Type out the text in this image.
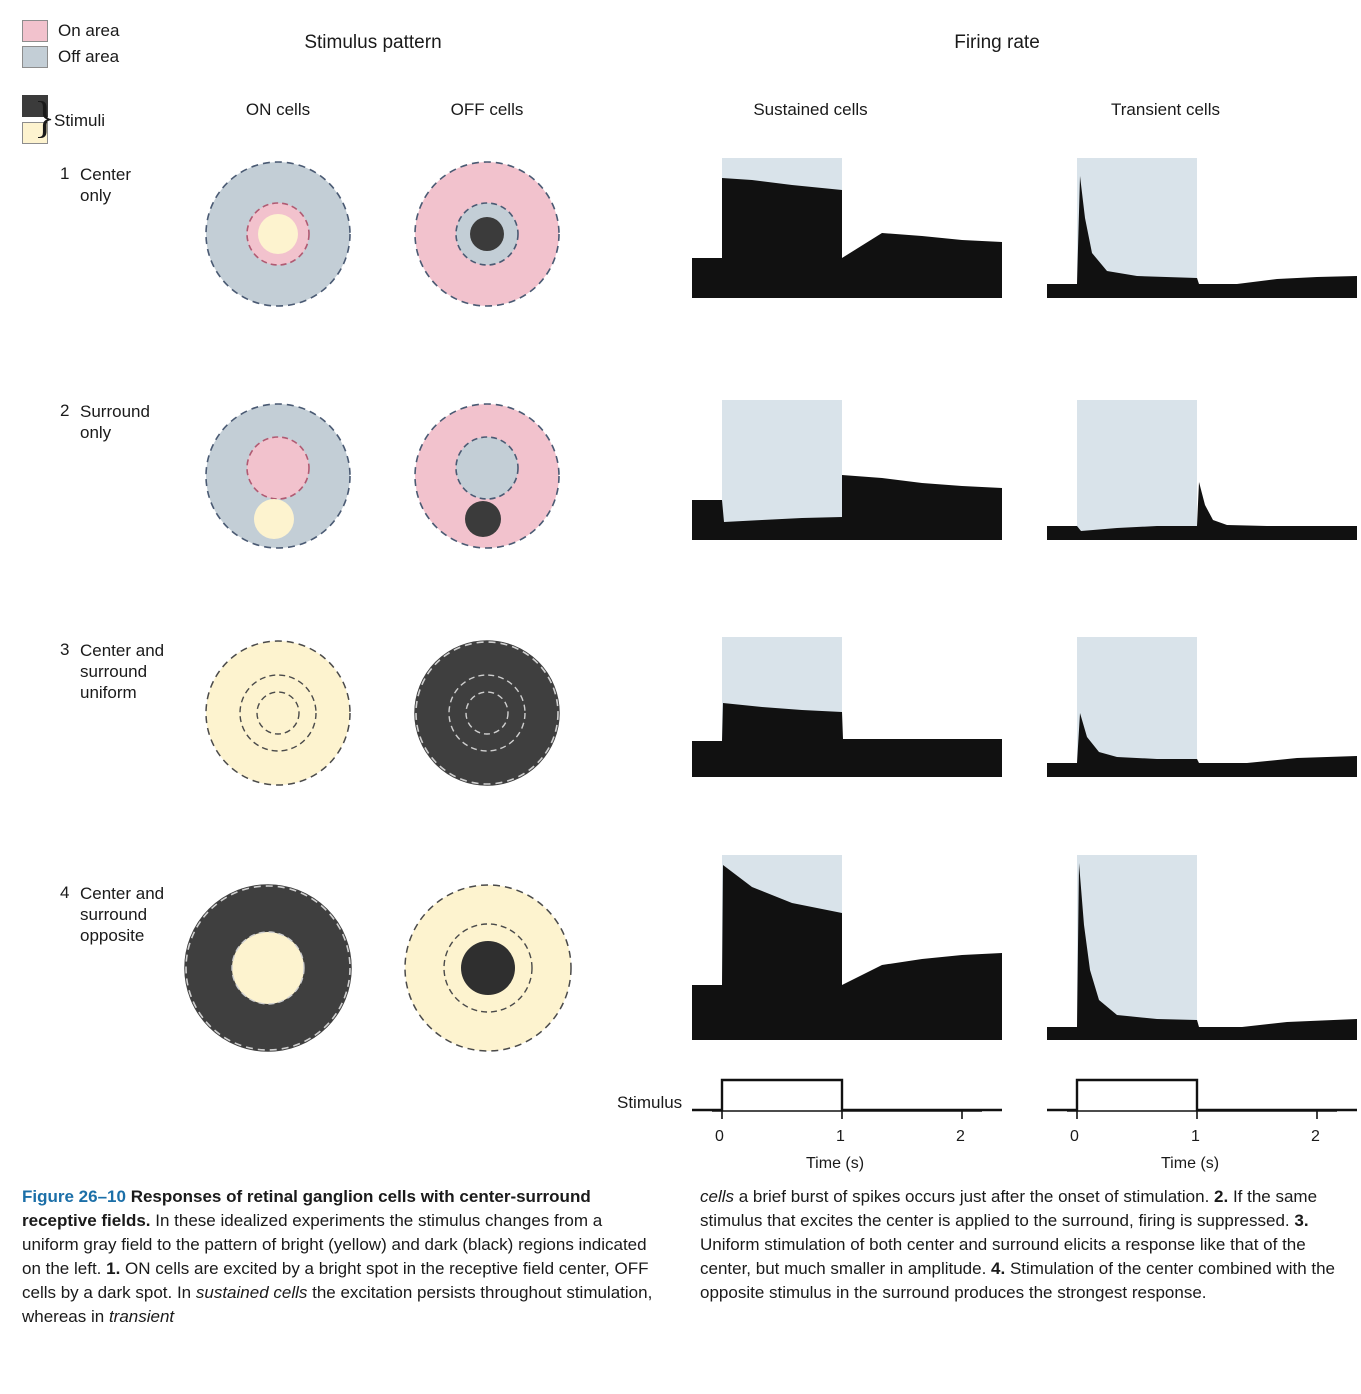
On area
Off area
}
Stimuli
Stimulus pattern	Firing rate
ON cells	OFF cells	Sustained cells	Transient cells
1 Center
only
2 Surround
only
3 Center and
surround
uniform
4 Center and
surround
opposite
Stimulus
0	1	2
Time (s)
0	1	2
Time (s)
Figure 26–10 Responses of retinal ganglion cells with center-surround receptive fields. In these idealized experiments the stimulus changes from a uniform gray field to the pattern of bright (yellow) and dark (black) regions indicated on the left. 1. ON cells are excited by a bright spot in the receptive field center, OFF cells by a dark spot. In sustained cells the excitation persists throughout stimulation, whereas in transient
cells a brief burst of spikes occurs just after the onset of stimulation. 2. If the same stimulus that excites the center is applied to the surround, firing is suppressed. 3. Uniform stimulation of both center and surround elicits a response like that of the center, but much smaller in amplitude. 4. Stimulation of the center combined with the opposite stimulus in the surround produces the strongest response.
